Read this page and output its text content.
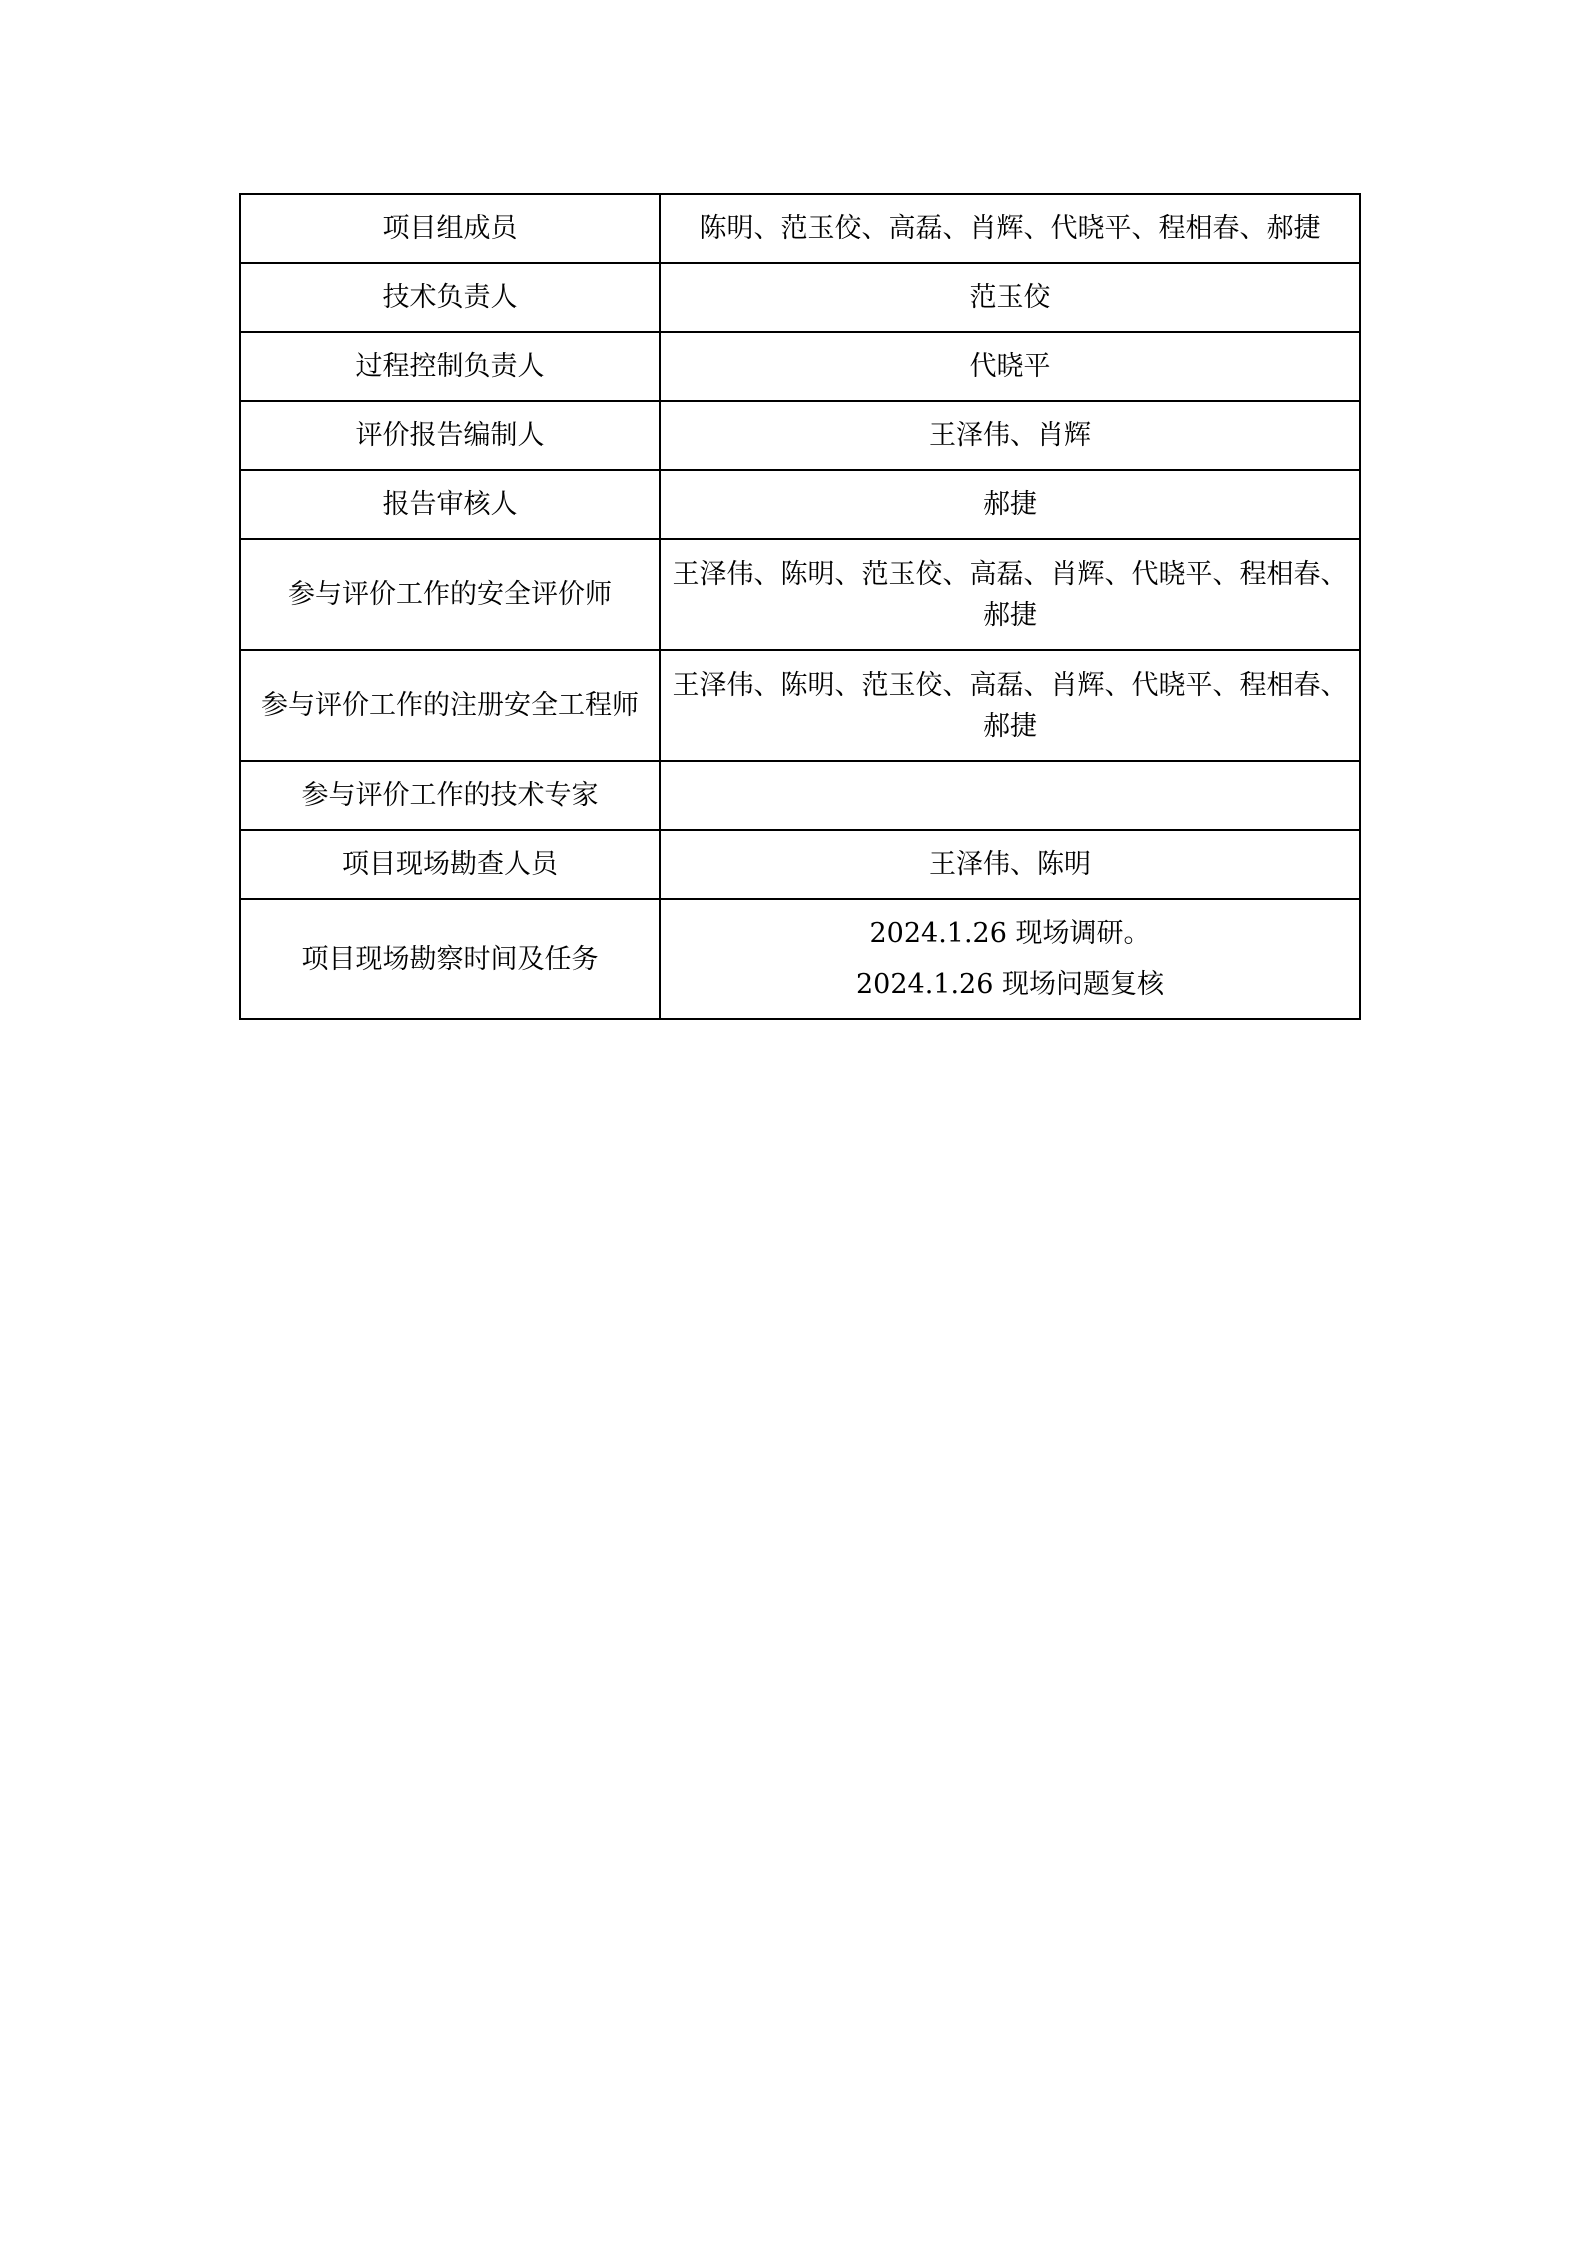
项目组成员	陈明、范玉佼、高磊、肖辉、代晓平、程相春、郝捷
技术负责人	范玉佼
过程控制负责人	代晓平
评价报告编制人	王泽伟、肖辉
报告审核人	郝捷
参与评价工作的安全评价师	王泽伟、陈明、范玉佼、高磊、肖辉、代晓平、程相春、郝捷
参与评价工作的注册安全工程师	王泽伟、陈明、范玉佼、高磊、肖辉、代晓平、程相春、郝捷
参与评价工作的技术专家	
项目现场勘查人员	王泽伟、陈明
项目现场勘察时间及任务	2024.1.26 现场调研。
2024.1.26 现场问题复核
